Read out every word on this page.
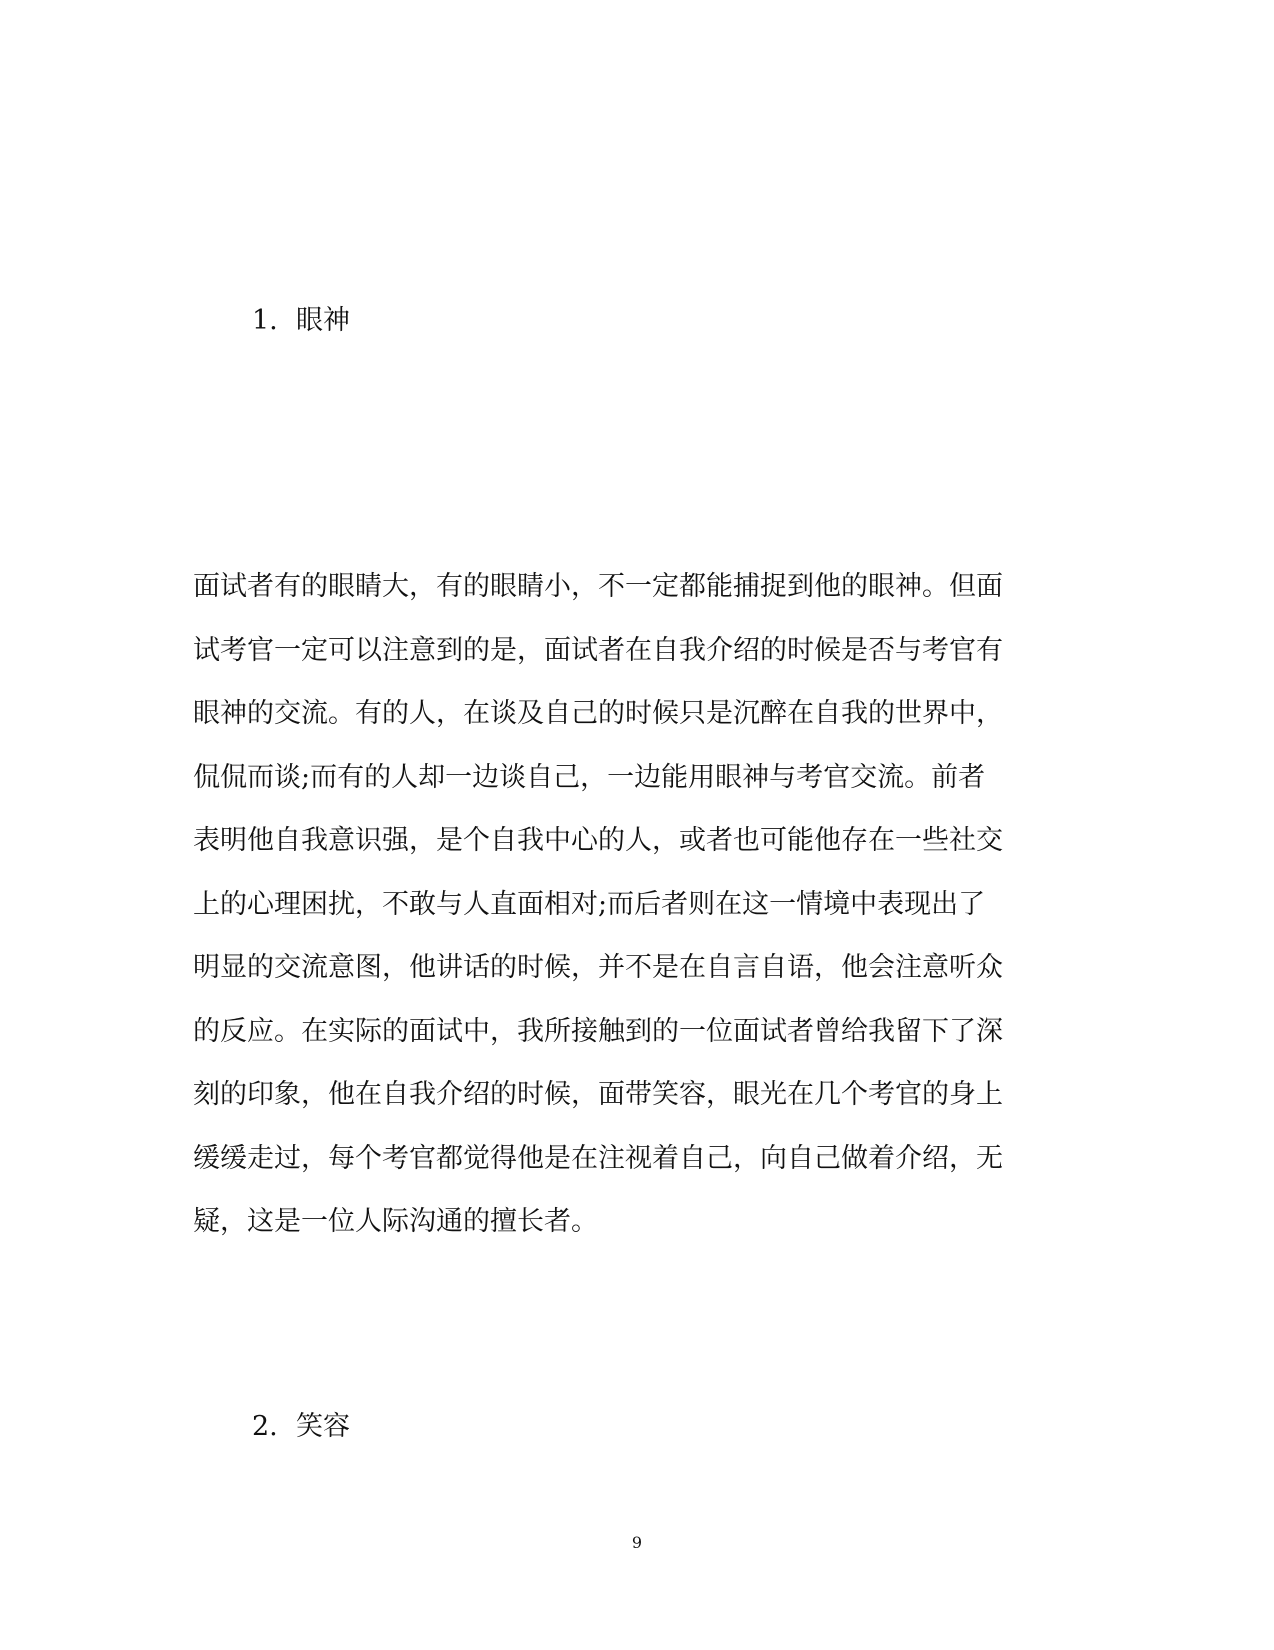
1. 眼神

面试者有的眼睛大，有的眼睛小，不一定都能捕捉到他的眼神。但面
试考官一定可以注意到的是，面试者在自我介绍的时候是否与考官有
眼神的交流。有的人，在谈及自己的时候只是沉醉在自我的世界中，
侃侃而谈;而有的人却一边谈自己，一边能用眼神与考官交流。前者
表明他自我意识强，是个自我中心的人，或者也可能他存在一些社交
上的心理困扰，不敢与人直面相对;而后者则在这一情境中表现出了
明显的交流意图，他讲话的时候，并不是在自言自语，他会注意听众
的反应。在实际的面试中，我所接触到的一位面试者曾给我留下了深
刻的印象，他在自我介绍的时候，面带笑容，眼光在几个考官的身上
缓缓走过，每个考官都觉得他是在注视着自己，向自己做着介绍，无
疑，这是一位人际沟通的擅长者。

2. 笑容
9
